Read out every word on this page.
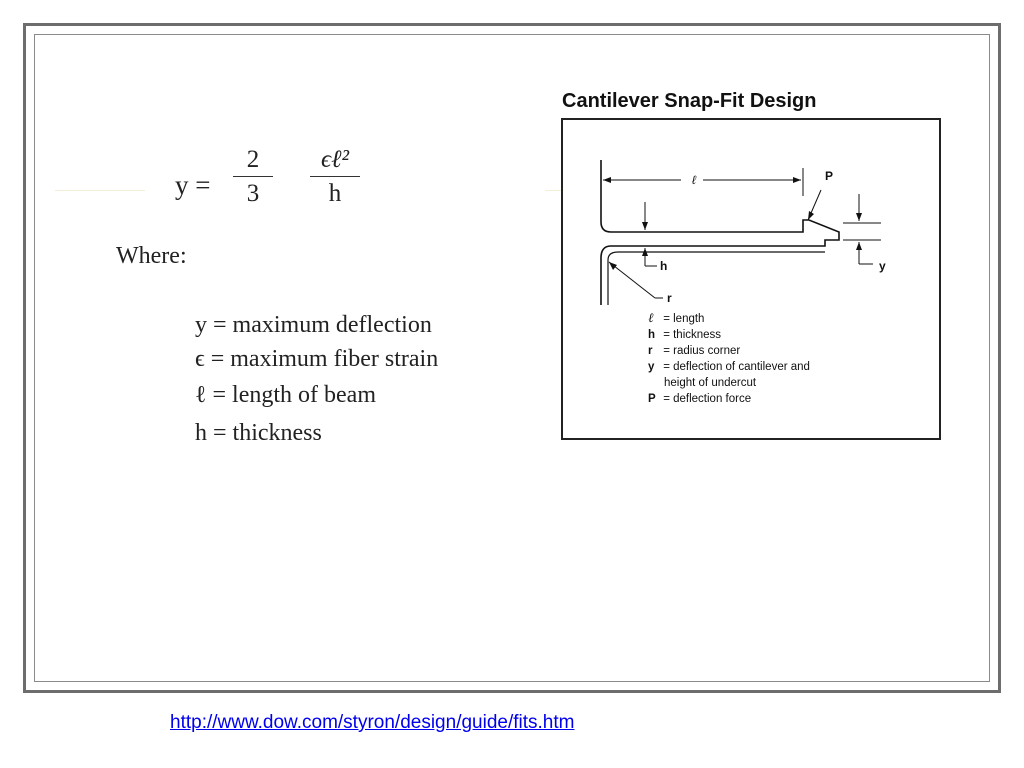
y =
2
3
ϵℓ²
h
Where:
y = maximum deflection
ϵ = maximum fiber strain
ℓ = length of beam
h = thickness
Cantilever Snap-Fit Design
ℓ	P
h
r
y
ℓ = length
h = thickness
r = radius corner
y = deflection of cantilever and
height of undercut
P = deflection force
http://www.dow.com/styron/design/guide/fits.htm
